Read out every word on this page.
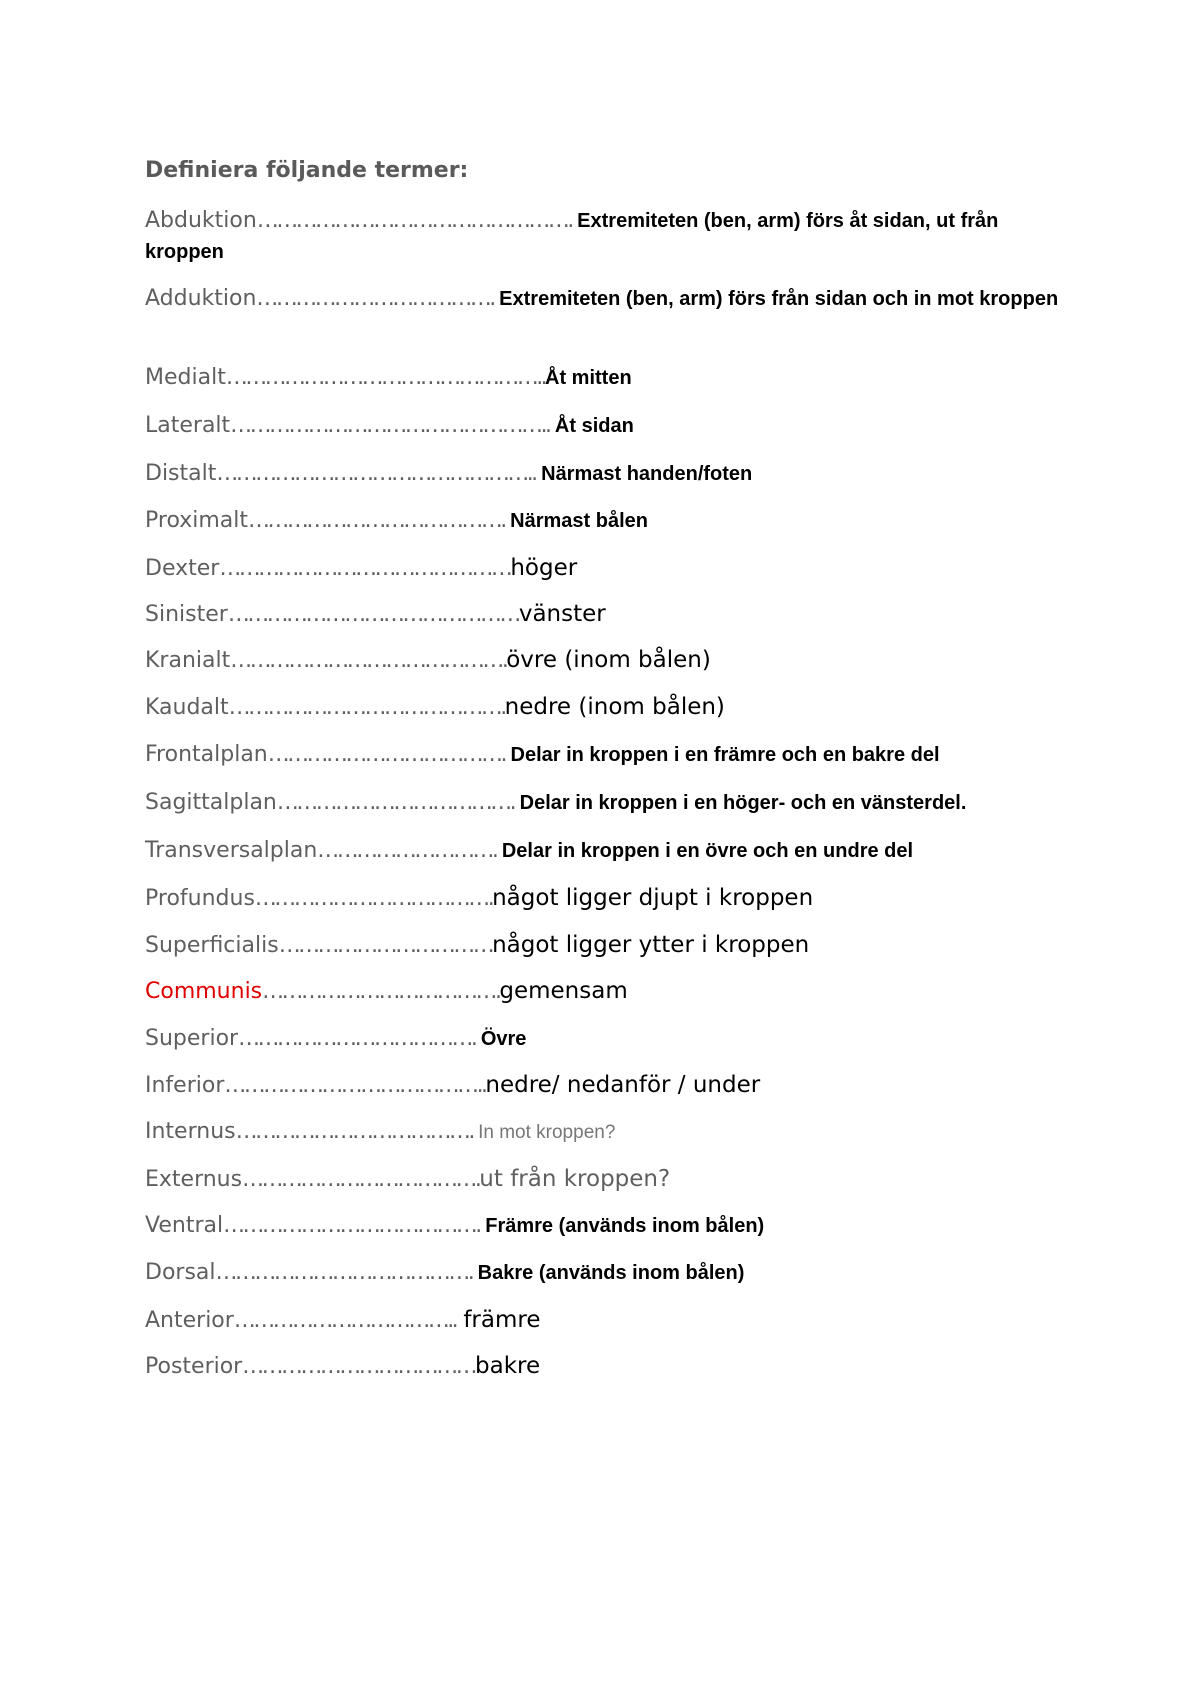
Definiera följande termer:
Abduktion…………………………………………. Extremiteten (ben, arm) förs åt sidan, ut från kroppen
Adduktion………………………………. Extremiteten (ben, arm) förs från sidan och in mot kroppen
Medialt…………………………………………..Åt mitten
Lateralt………………………………………….. Åt sidan
Distalt………………………………………….. Närmast handen/foten
Proximalt…………………………………. Närmast bålen
Dexter………………………………………höger
Sinister………………………………………vänster
Kranialt…………………………………….övre (inom bålen)
Kaudalt…………………………………….nedre (inom bålen)
Frontalplan………………………………. Delar in kroppen i en främre och en bakre del
Sagittalplan………………………………. Delar in kroppen i en höger- och en vänsterdel.
Transversalplan………………………. Delar in kroppen i en övre och en undre del
Profundus……………………………….något ligger djupt i kroppen
Superficialis……………………………något ligger ytter i kroppen
Communis……………………………….gemensam
Superior………………………………. Övre
Inferior…………………………………..nedre/ nedanför / under
Internus………………………………. In mot kroppen?
Externus……………………………….ut från kroppen?
Ventral…………………………………. Främre (används inom bålen)
Dorsal…………………………………. Bakre (används inom bålen)
Anterior…………………………….. främre
Posterior………………………………bakre
